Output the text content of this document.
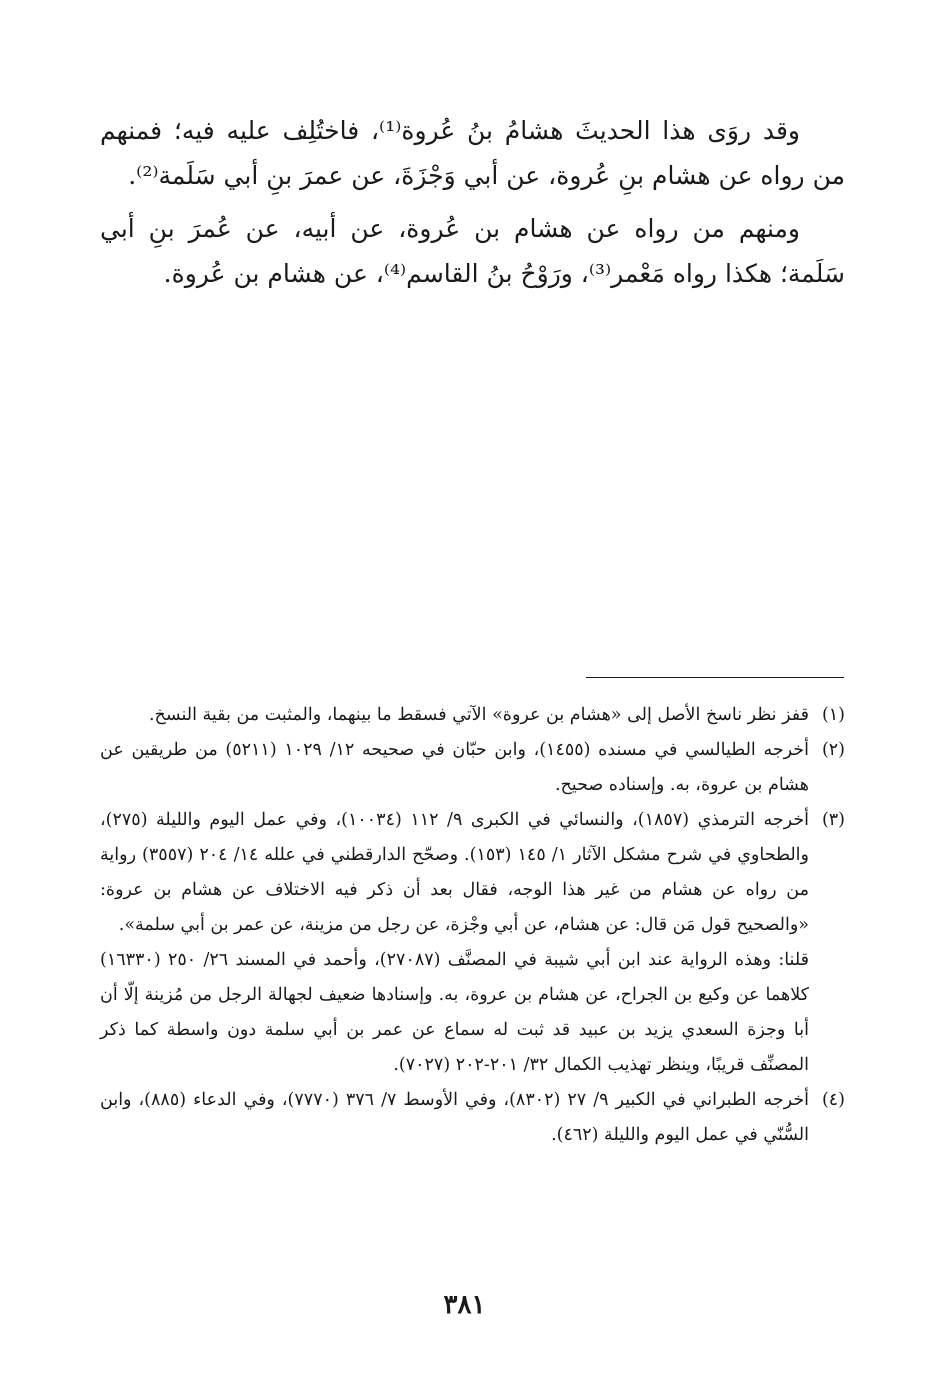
وقد روَى هذا الحديثَ هشامُ بنُ عُروة⁽¹⁾، فاختُلِف عليه فيه؛ فمنهم من رواه عن هشام بنِ عُروة، عن أبي وَجْزَةَ، عن عمرَ بنِ أبي سَلَمة⁽²⁾.

ومنهم من رواه عن هشام بن عُروة، عن أبيه، عن عُمرَ بنِ أبي سَلَمة؛ هكذا رواه مَعْمر⁽³⁾، ورَوْحُ بنُ القاسم⁽⁴⁾، عن هشام بن عُروة.

(١)
قفز نظر ناسخ الأصل إلى «هشام بن عروة» الآتي فسقط ما بينهما، والمثبت من بقية النسخ.
(٢)
أخرجه الطيالسي في مسنده (١٤٥٥)، وابن حبّان في صحيحه ١٢/ ١٠٢٩ (٥٢١١) من طريقين عن هشام بن عروة، به. وإسناده صحيح.
(٣)
أخرجه الترمذي (١٨٥٧)، والنسائي في الكبرى ٩/ ١١٢ (١٠٠٣٤)، وفي عمل اليوم والليلة (٢٧٥)، والطحاوي في شرح مشكل الآثار ١/ ١٤٥ (١٥٣). وصحّح الدارقطني في علله ١٤/ ٢٠٤ (٣٥٥٧) رواية من رواه عن هشام من غير هذا الوجه، فقال بعد أن ذكر فيه الاختلاف عن هشام بن عروة: «والصحيح قول مَن قال: عن هشام، عن أبي وجْزة، عن رجل من مزينة، عن عمر بن أبي سلمة».

قلنا: وهذه الرواية عند ابن أبي شيبة في المصنَّف (٢٧٠٨٧)، وأحمد في المسند ٢٦/ ٢٥٠ (١٦٣٣٠) كلاهما عن وكيع بن الجراح، عن هشام بن عروة، به. وإسنادها ضعيف لجهالة الرجل من مُزينة إلّا أن أبا وجزة السعدي يزيد بن عبيد قد ثبت له سماع عن عمر بن أبي سلمة دون واسطة كما ذكر المصنِّف قريبًا، وينظر تهذيب الكمال ٣٢/ ٢٠١-٢٠٢ (٧٠٢٧).

(٤)
أخرجه الطبراني في الكبير ٩/ ٢٧ (٨٣٠٢)، وفي الأوسط ٧/ ٣٧٦ (٧٧٧٠)، وفي الدعاء (٨٨٥)، وابن السُّنّي في عمل اليوم والليلة (٤٦٢).
٣٨١
